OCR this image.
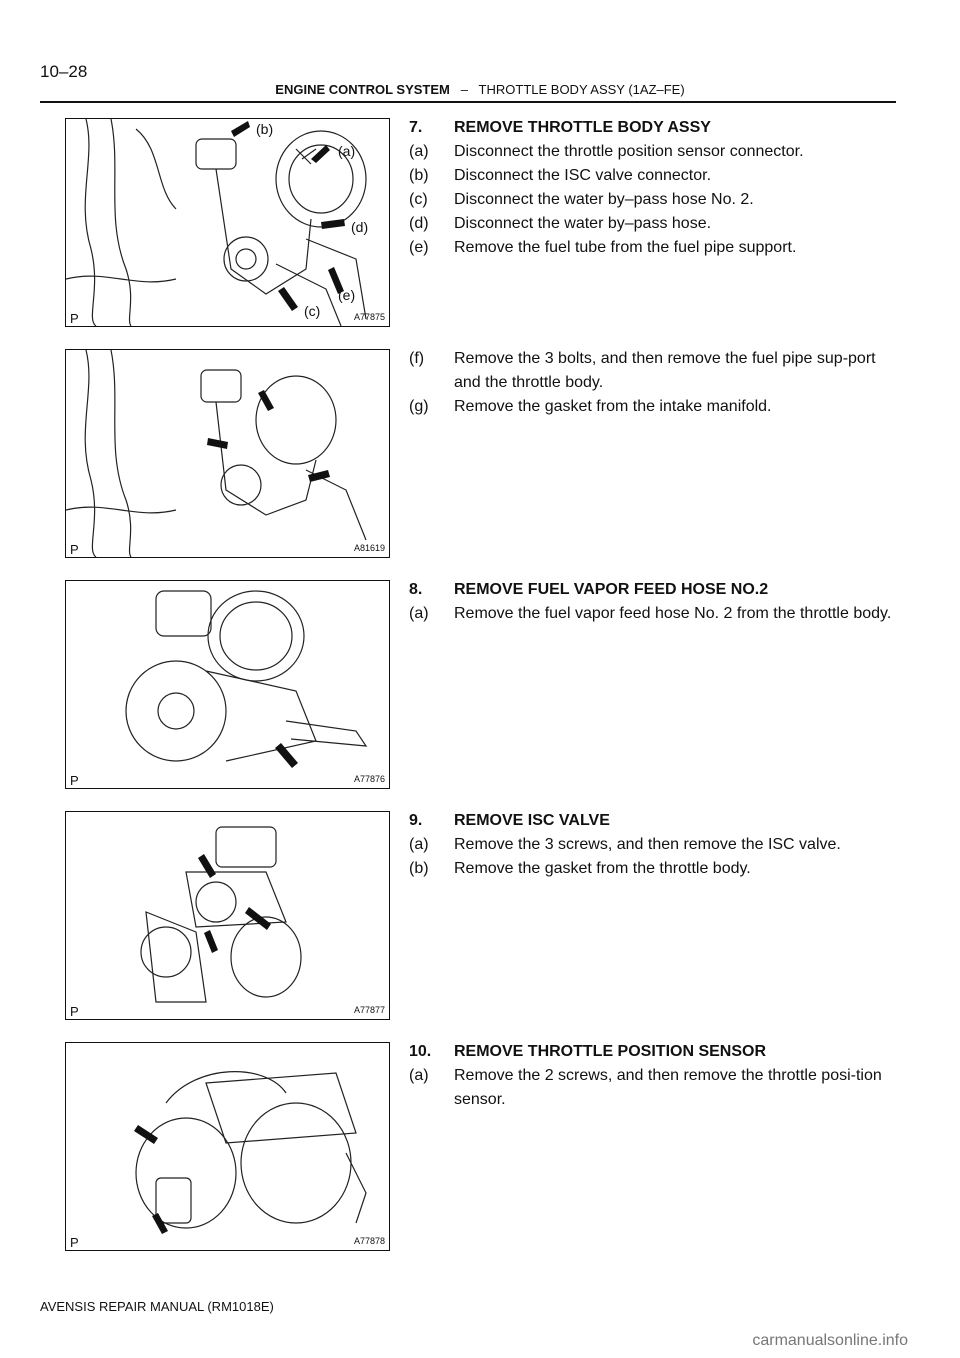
10–28
ENGINE CONTROL SYSTEM – THROTTLE BODY ASSY (1AZ–FE)
(b)
(a)
(d)
(e)
(c)
P	A77875
P	A81619
P	A77876
P	A77877
P	A77878
7.	REMOVE THROTTLE BODY ASSY
(a)	Disconnect the throttle position sensor connector.
(b)	Disconnect the ISC valve connector.
(c)	Disconnect the water by–pass hose No. 2.
(d)	Disconnect the water by–pass hose.
(e)	Remove the fuel tube from the fuel pipe support.
(f)	Remove the 3 bolts, and then remove the fuel pipe sup-port and the throttle body.
(g)	Remove the gasket from the intake manifold.
8.	REMOVE FUEL VAPOR FEED HOSE NO.2
(a)	Remove the fuel vapor feed hose No. 2 from the throttle body.
9.	REMOVE ISC VALVE
(a)	Remove the 3 screws, and then remove the ISC valve.
(b)	Remove the gasket from the throttle body.
10.	REMOVE THROTTLE POSITION SENSOR
(a)	Remove the 2 screws, and then remove the throttle posi-tion sensor.
AVENSIS REPAIR MANUAL (RM1018E)
carmanualsonline.info
